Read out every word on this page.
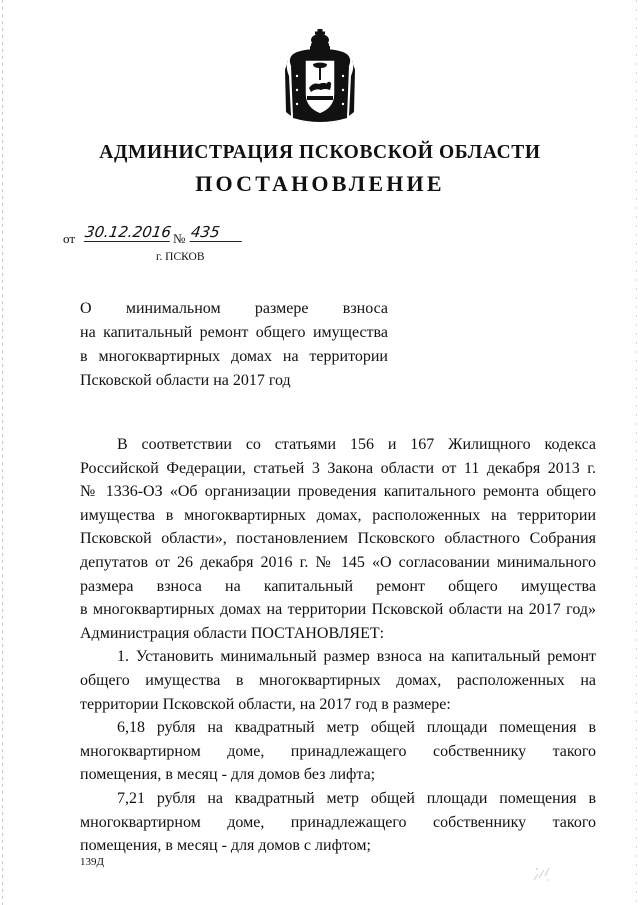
АДМИНИСТРАЦИЯ ПСКОВСКОЙ ОБЛАСТИ
ПОСТАНОВЛЕНИЕ
от 30.12.2016 № 435
г. ПСКОВ
О минимальном размере взноса
на капитальный ремонт общего имущества
в многоквартирных домах на территории
Псковской области на 2017 год
В соответствии со статьями 156 и 167 Жилищного кодекса
Российской Федерации, статьей 3 Закона области от 11 декабря 2013 г.
№ 1336-ОЗ «Об организации проведения капитального ремонта общего
имущества в многоквартирных домах, расположенных на территории
Псковской области», постановлением Псковского областного Собрания
депутатов от 26 декабря 2016 г. № 145 «О согласовании минимального
размера взноса на капитальный ремонт общего имущества
в многоквартирных домах на территории Псковской области на 2017 год»
Администрация области ПОСТАНОВЛЯЕТ:
1. Установить минимальный размер взноса на капитальный ремонт
общего имущества в многоквартирных домах, расположенных на
территории Псковской области, на 2017 год в размере:
6,18 рубля на квадратный метр общей площади помещения в
многоквартирном доме, принадлежащего собственнику такого
помещения, в месяц - для домов без лифта;
7,21 рубля на квадратный метр общей площади помещения в
многоквартирном доме, принадлежащего собственнику такого
помещения, в месяц - для домов с лифтом;
139Д
